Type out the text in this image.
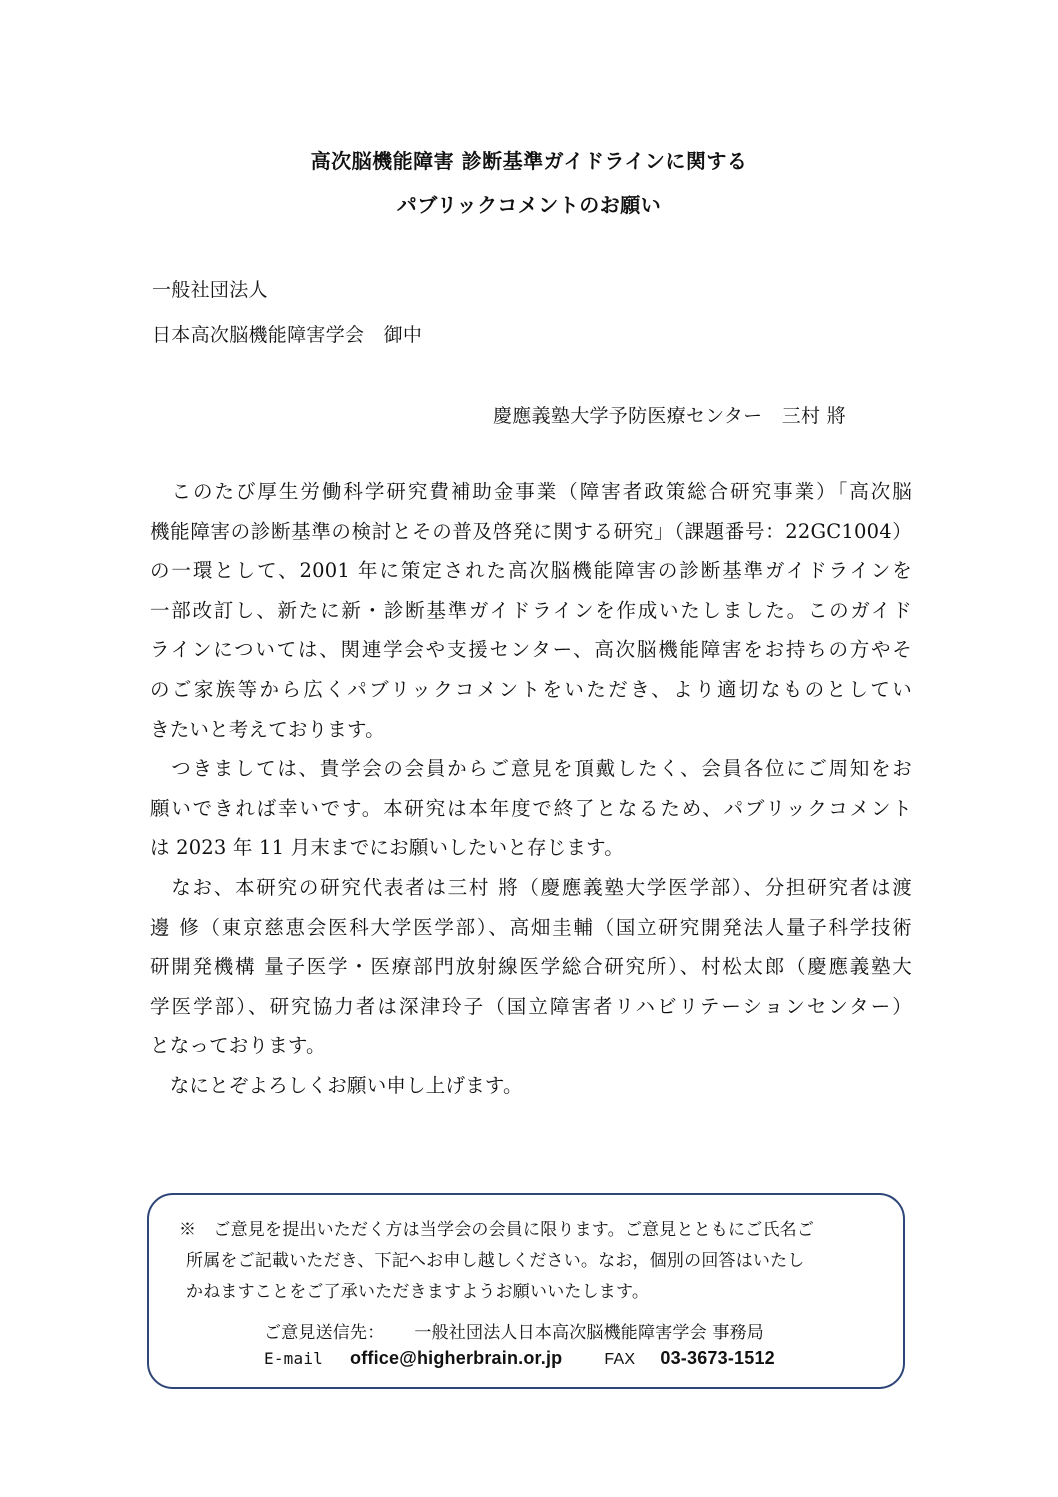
高次脳機能障害 診断基準ガイドラインに関する
パブリックコメントのお願い
一般社団法人
日本高次脳機能障害学会　御中
慶應義塾大学予防医療センター　三村 將
　このたび厚生労働科学研究費補助金事業（障害者政策総合研究事業）「高次脳
機能障害の診断基準の検討とその普及啓発に関する研究」（課題番号：22GC1004）
の一環として、2001 年に策定された高次脳機能障害の診断基準ガイドラインを
一部改訂し、新たに新・診断基準ガイドラインを作成いたしました。このガイド
ラインについては、関連学会や支援センター、高次脳機能障害をお持ちの方やそ
のご家族等から広くパブリックコメントをいただき、より適切なものとしてい
きたいと考えております。
　つきましては、貴学会の会員からご意見を頂戴したく、会員各位にご周知をお
願いできれば幸いです。本研究は本年度で終了となるため、パブリックコメント
は 2023 年 11 月末までにお願いしたいと存じます。
　なお、本研究の研究代表者は三村 將（慶應義塾大学医学部）、分担研究者は渡
邊 修（東京慈恵会医科大学医学部）、高畑圭輔（国立研究開発法人量子科学技術
研開発機構 量子医学・医療部門放射線医学総合研究所）、村松太郎（慶應義塾大
学医学部）、研究協力者は深津玲子（国立障害者リハビリテーションセンター）
となっております。
　なにとぞよろしくお願い申し上げます。
※　ご意見を提出いただく方は当学会の会員に限ります。ご意見とともにご氏名ご
所属をご記載いただき、下記へお申し越しください。なお，個別の回答はいたし
かねますことをご了承いただきますようお願いいたします。
ご意見送信先： 一般社団法人日本高次脳機能障害学会 事務局
E-mail office@higherbrain.or.jp	FAX 03-3673-1512
